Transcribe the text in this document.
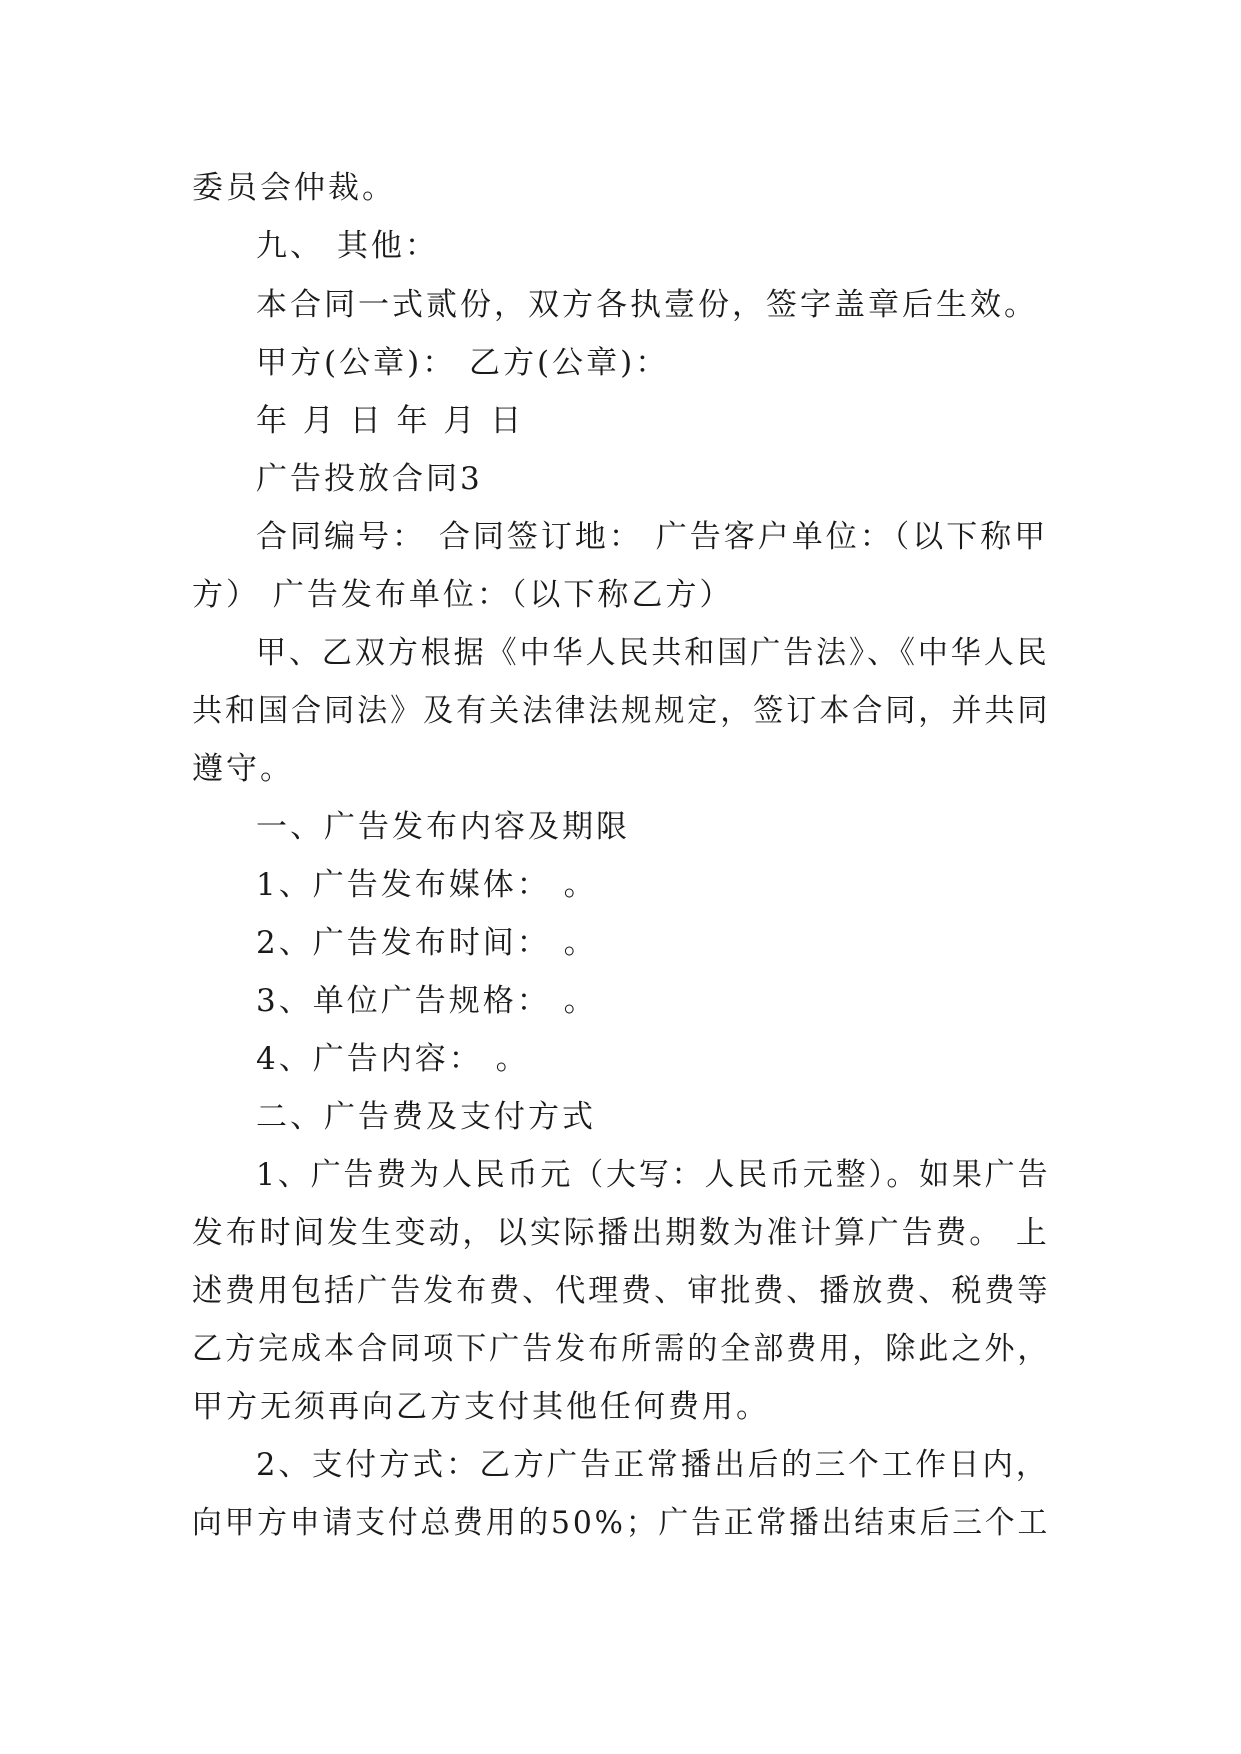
委员会仲裁。
九、 其他：
本合同一式贰份，双方各执壹份，签字盖章后生效。
甲方(公章)： 乙方(公章)：
年 月 日 年 月 日
广告投放合同3
合同编号： 合同签订地： 广告客户单位：（以下称甲
方） 广告发布单位：（以下称乙方）
甲、乙双方根据《中华人民共和国广告法》、《中华人民
共和国合同法》及有关法律法规规定，签订本合同，并共同
遵守。
一、广告发布内容及期限
1、广告发布媒体： 。
2、广告发布时间： 。
3、单位广告规格： 。
4、广告内容： 。
二、广告费及支付方式
1、广告费为人民币元（大写：人民币元整）。如果广告
发布时间发生变动，以实际播出期数为准计算广告费。 上
述费用包括广告发布费、代理费、审批费、播放费、税费等
乙方完成本合同项下广告发布所需的全部费用，除此之外，
甲方无须再向乙方支付其他任何费用。
2、支付方式：乙方广告正常播出后的三个工作日内，
向甲方申请支付总费用的50%；广告正常播出结束后三个工
